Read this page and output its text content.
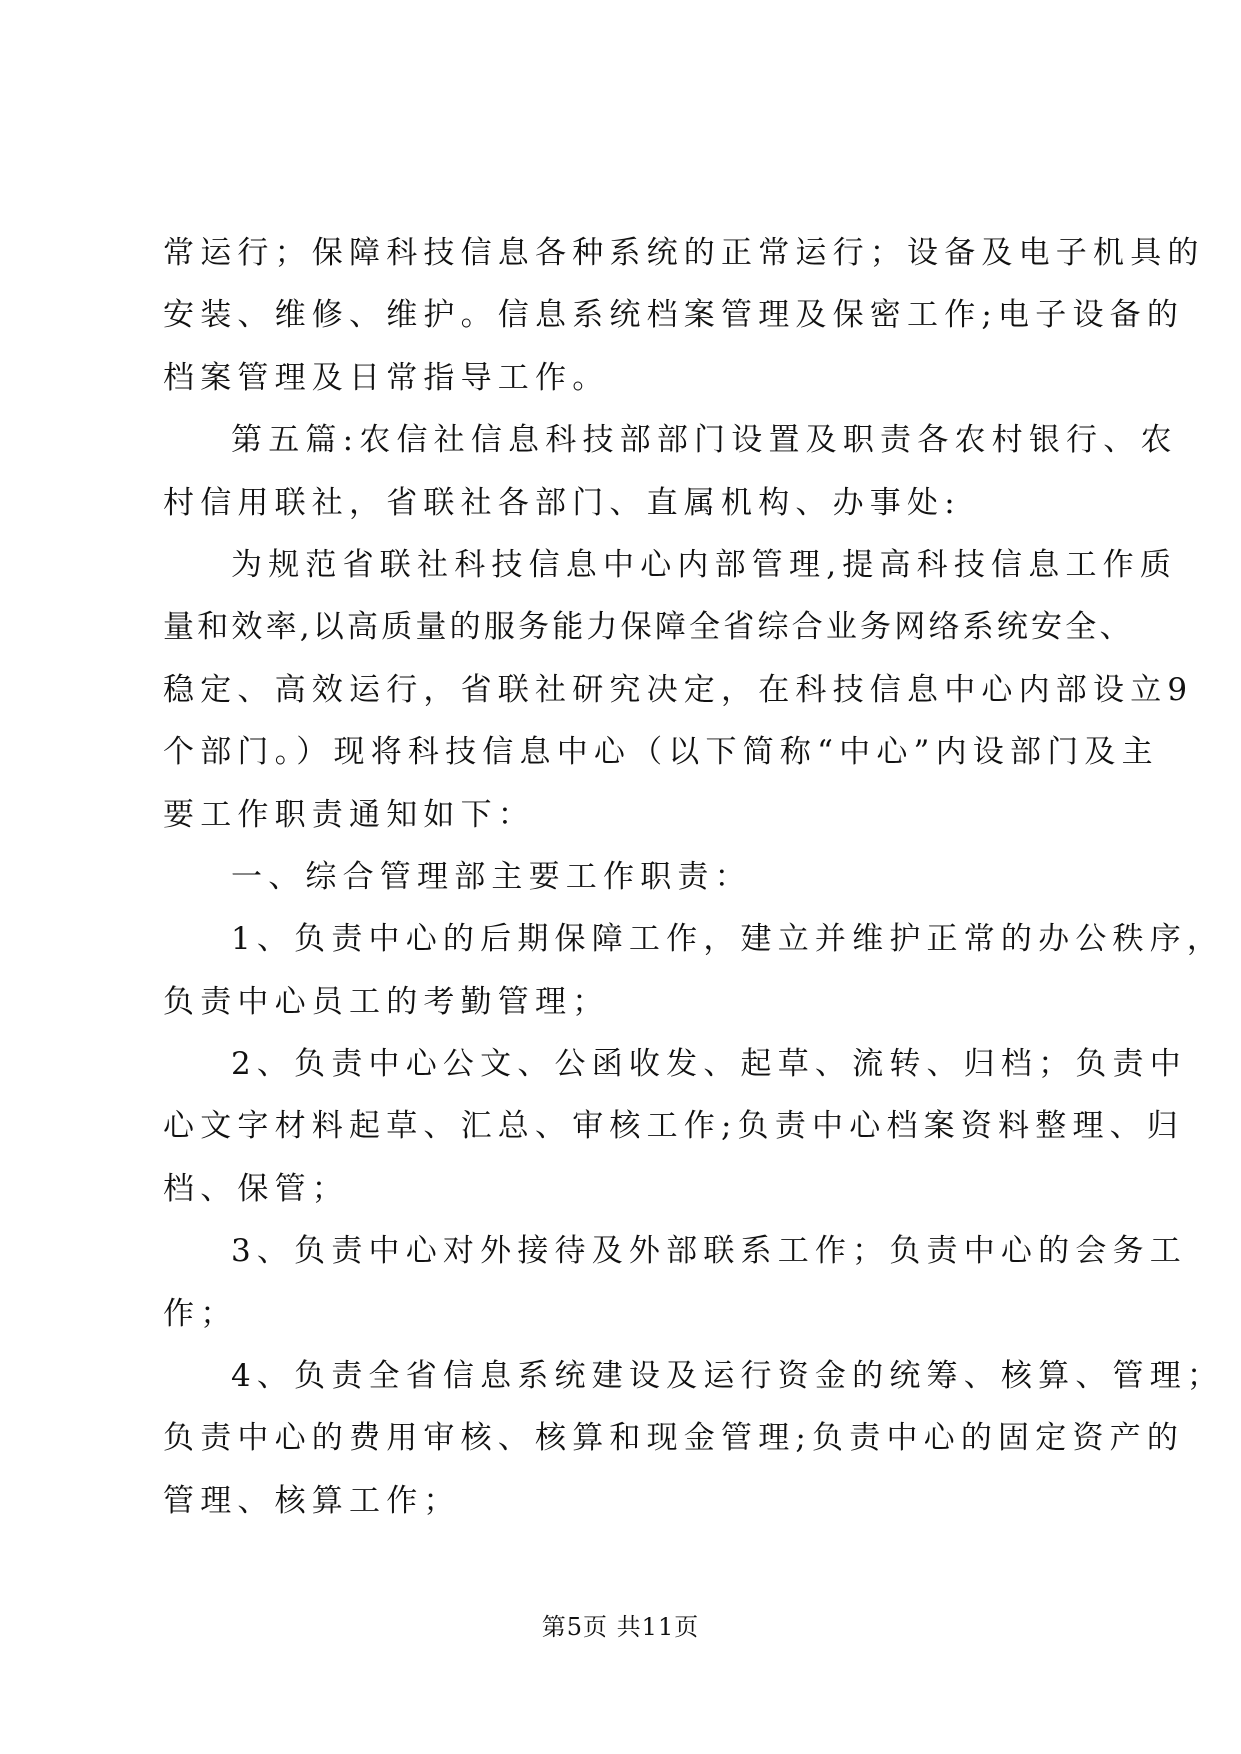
常运行；保障科技信息各种系统的正常运行；设备及电子机具的
安装、维修、维护。信息系统档案管理及保密工作;电子设备的
档案管理及日常指导工作。
第五篇:农信社信息科技部部门设置及职责各农村银行、农
村信用联社，省联社各部门、直属机构、办事处:
为规范省联社科技信息中心内部管理,提高科技信息工作质
量和效率,以高质量的服务能力保障全省综合业务网络系统安全、
稳定、高效运行，省联社研究决定，在科技信息中心内部设立9
个部门。）现将科技信息中心（以下简称“中心”内设部门及主
要工作职责通知如下：
一、综合管理部主要工作职责：
1、负责中心的后期保障工作，建立并维护正常的办公秩序，
负责中心员工的考勤管理；
2、负责中心公文、公函收发、起草、流转、归档；负责中
心文字材料起草、汇总、审核工作;负责中心档案资料整理、归
档、保管；
3、负责中心对外接待及外部联系工作；负责中心的会务工
作；
4、负责全省信息系统建设及运行资金的统筹、核算、管理；
负责中心的费用审核、核算和现金管理;负责中心的固定资产的
管理、核算工作；
第5页 共11页
